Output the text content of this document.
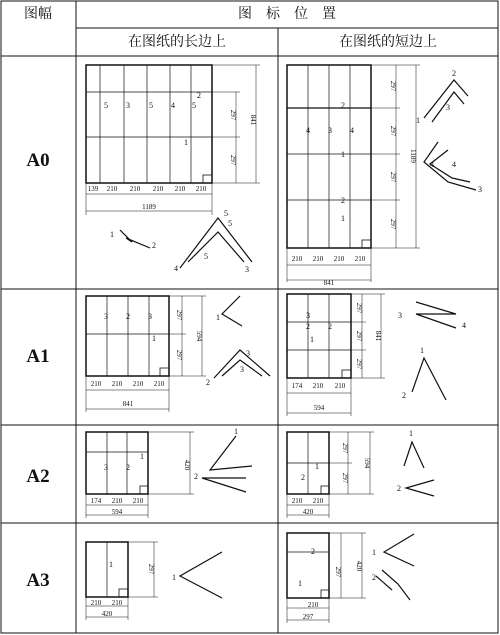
图幅	图    标    位    置
在图纸的长边上	在图纸的短边上
A0
A1
A2
A3
139 210 210 210 210 210
1189
297
297
841
5 3 5 4 5
2
1
1
2
5
5
4
5
3
210 210 210 210
841
297
297
297
297
1189
4 3 4
2
1
1
2
2
3
1
4 4
3
210 210 210 210
841
297
297
594
3 2 3
1
1
3
2
3
174 210 210
594
297
297
297
841
3
2 2
1
3
4
1
2
174 210 210
594
420
3 2
1
1
2
210 210
420
297
297
594
2
1
1
2
210 210
420
297
1
1
210
297
297
420
2
1
1
2
